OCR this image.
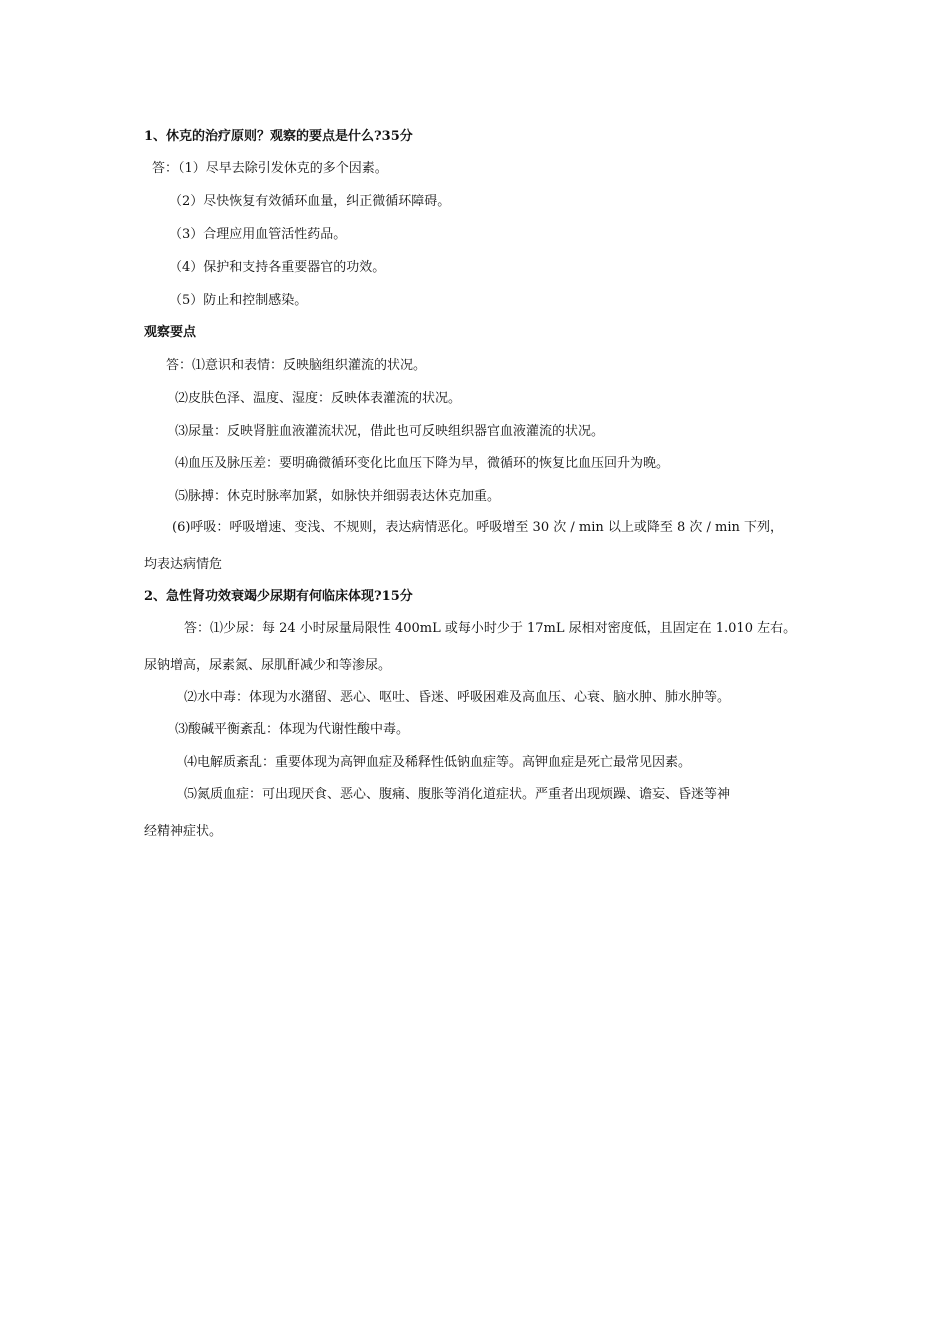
1、休克的治疗原则？观察的要点是什么?35分
答：（1）尽早去除引发休克的多个因素。
（2）尽快恢复有效循环血量，纠正微循环障碍。
（3）合理应用血管活性药品。
（4）保护和支持各重要器官的功效。
（5）防止和控制感染。
观察要点
答：⑴意识和表情：反映脑组织灌流的状况。
⑵皮肤色泽、温度、湿度：反映体表灌流的状况。
⑶尿量：反映肾脏血液灌流状况，借此也可反映组织器官血液灌流的状况。
⑷血压及脉压差：要明确微循环变化比血压下降为早，微循环的恢复比血压回升为晚。
⑸脉搏：休克时脉率加紧，如脉快并细弱表达休克加重。
(6)呼吸：呼吸增速、变浅、不规则，表达病情恶化。呼吸增至 30 次 / min 以上或降至 8 次 / min 下列，
均表达病情危
2、急性肾功效衰竭少尿期有何临床体现?15分
答：⑴少尿：每 24 小时尿量局限性 400mL 或每小时少于 17mL 尿相对密度低，且固定在 1.010 左右。
尿钠增高，尿素氮、尿肌酐减少和等渗尿。
⑵水中毒：体现为水潴留、恶心、呕吐、昏迷、呼吸困难及高血压、心衰、脑水肿、肺水肿等。
⑶酸碱平衡紊乱：体现为代谢性酸中毒。
⑷电解质紊乱：重要体现为高钾血症及稀释性低钠血症等。高钾血症是死亡最常见因素。
⑸氮质血症：可出现厌食、恶心、腹痛、腹胀等消化道症状。严重者出现烦躁、谵妄、昏迷等神
经精神症状。
